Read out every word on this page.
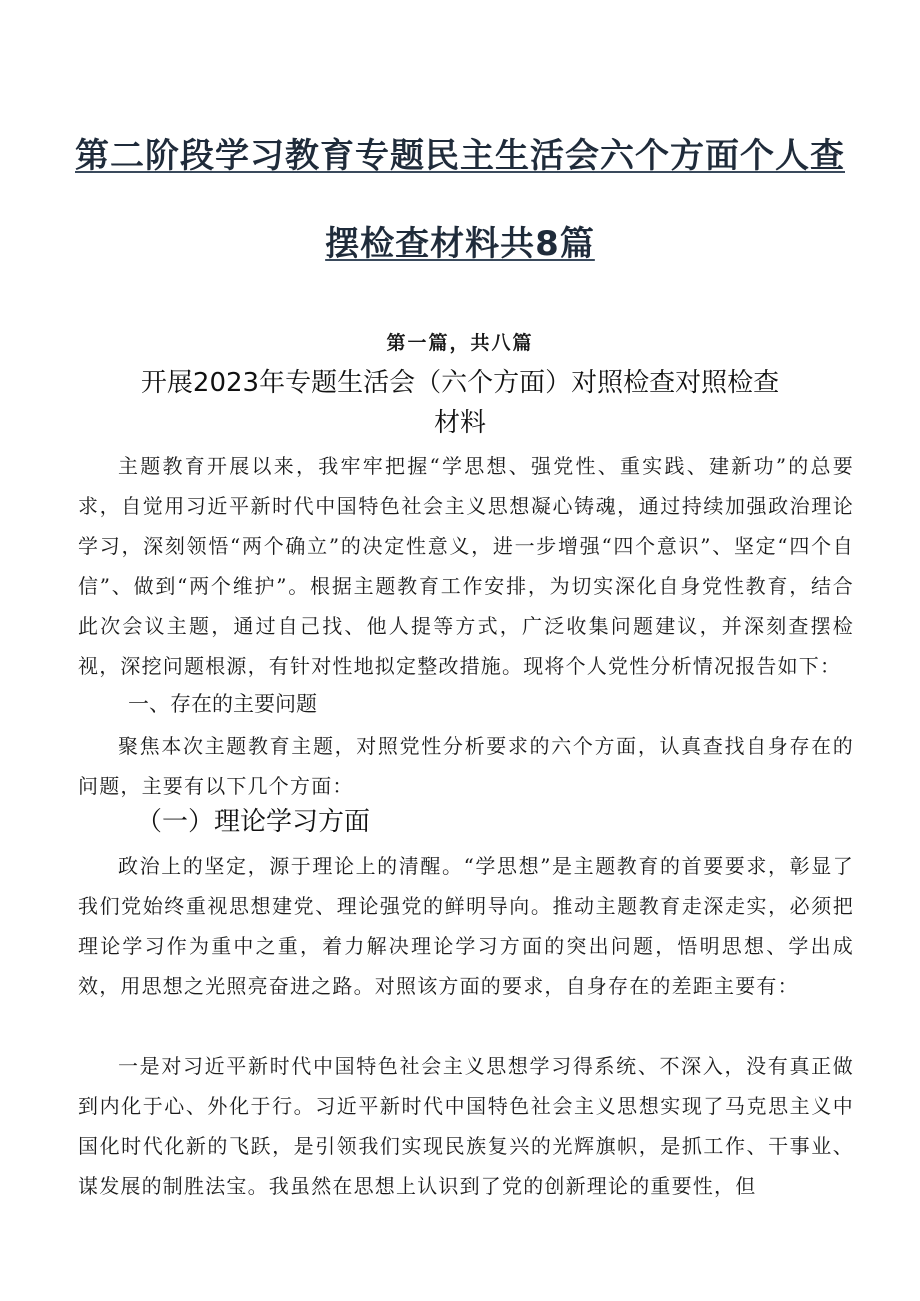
第二阶段学习教育专题民主生活会六个方面个人查
摆检查材料共8篇
第一篇，共八篇
开展2023年专题生活会（六个方面）对照检查对照检查
材料

主题教育开展以来，我牢牢把握“学思想、强党性、重实践、建新功”的总要求，自觉用习近平新时代中国特色社会主义思想凝心铸魂，通过持续加强政治理论学习，深刻领悟“两个确立”的决定性意义，进一步增强“四个意识”、坚定“四个自信”、做到“两个维护”。根据主题教育工作安排，为切实深化自身党性教育，结合此次会议主题，通过自己找、他人提等方式，广泛收集问题建议，并深刻查摆检视，深挖问题根源，有针对性地拟定整改措施。现将个人党性分析情况报告如下：

一、存在的主要问题

聚焦本次主题教育主题，对照党性分析要求的六个方面，认真查找自身存在的问题，主要有以下几个方面：

（一）理论学习方面

政治上的坚定，源于理论上的清醒。“学思想”是主题教育的首要要求，彰显了我们党始终重视思想建党、理论强党的鲜明导向。推动主题教育走深走实，必须把理论学习作为重中之重，着力解决理论学习方面的突出问题，悟明思想、学出成效，用思想之光照亮奋进之路。对照该方面的要求，自身存在的差距主要有：

一是对习近平新时代中国特色社会主义思想学习得系统、不深入，没有真正做到内化于心、外化于行。习近平新时代中国特色社会主义思想实现了马克思主义中国化时代化新的飞跃，是引领我们实现民族复兴的光辉旗帜，是抓工作、干事业、谋发展的制胜法宝。我虽然在思想上认识到了党的创新理论的重要性，但
